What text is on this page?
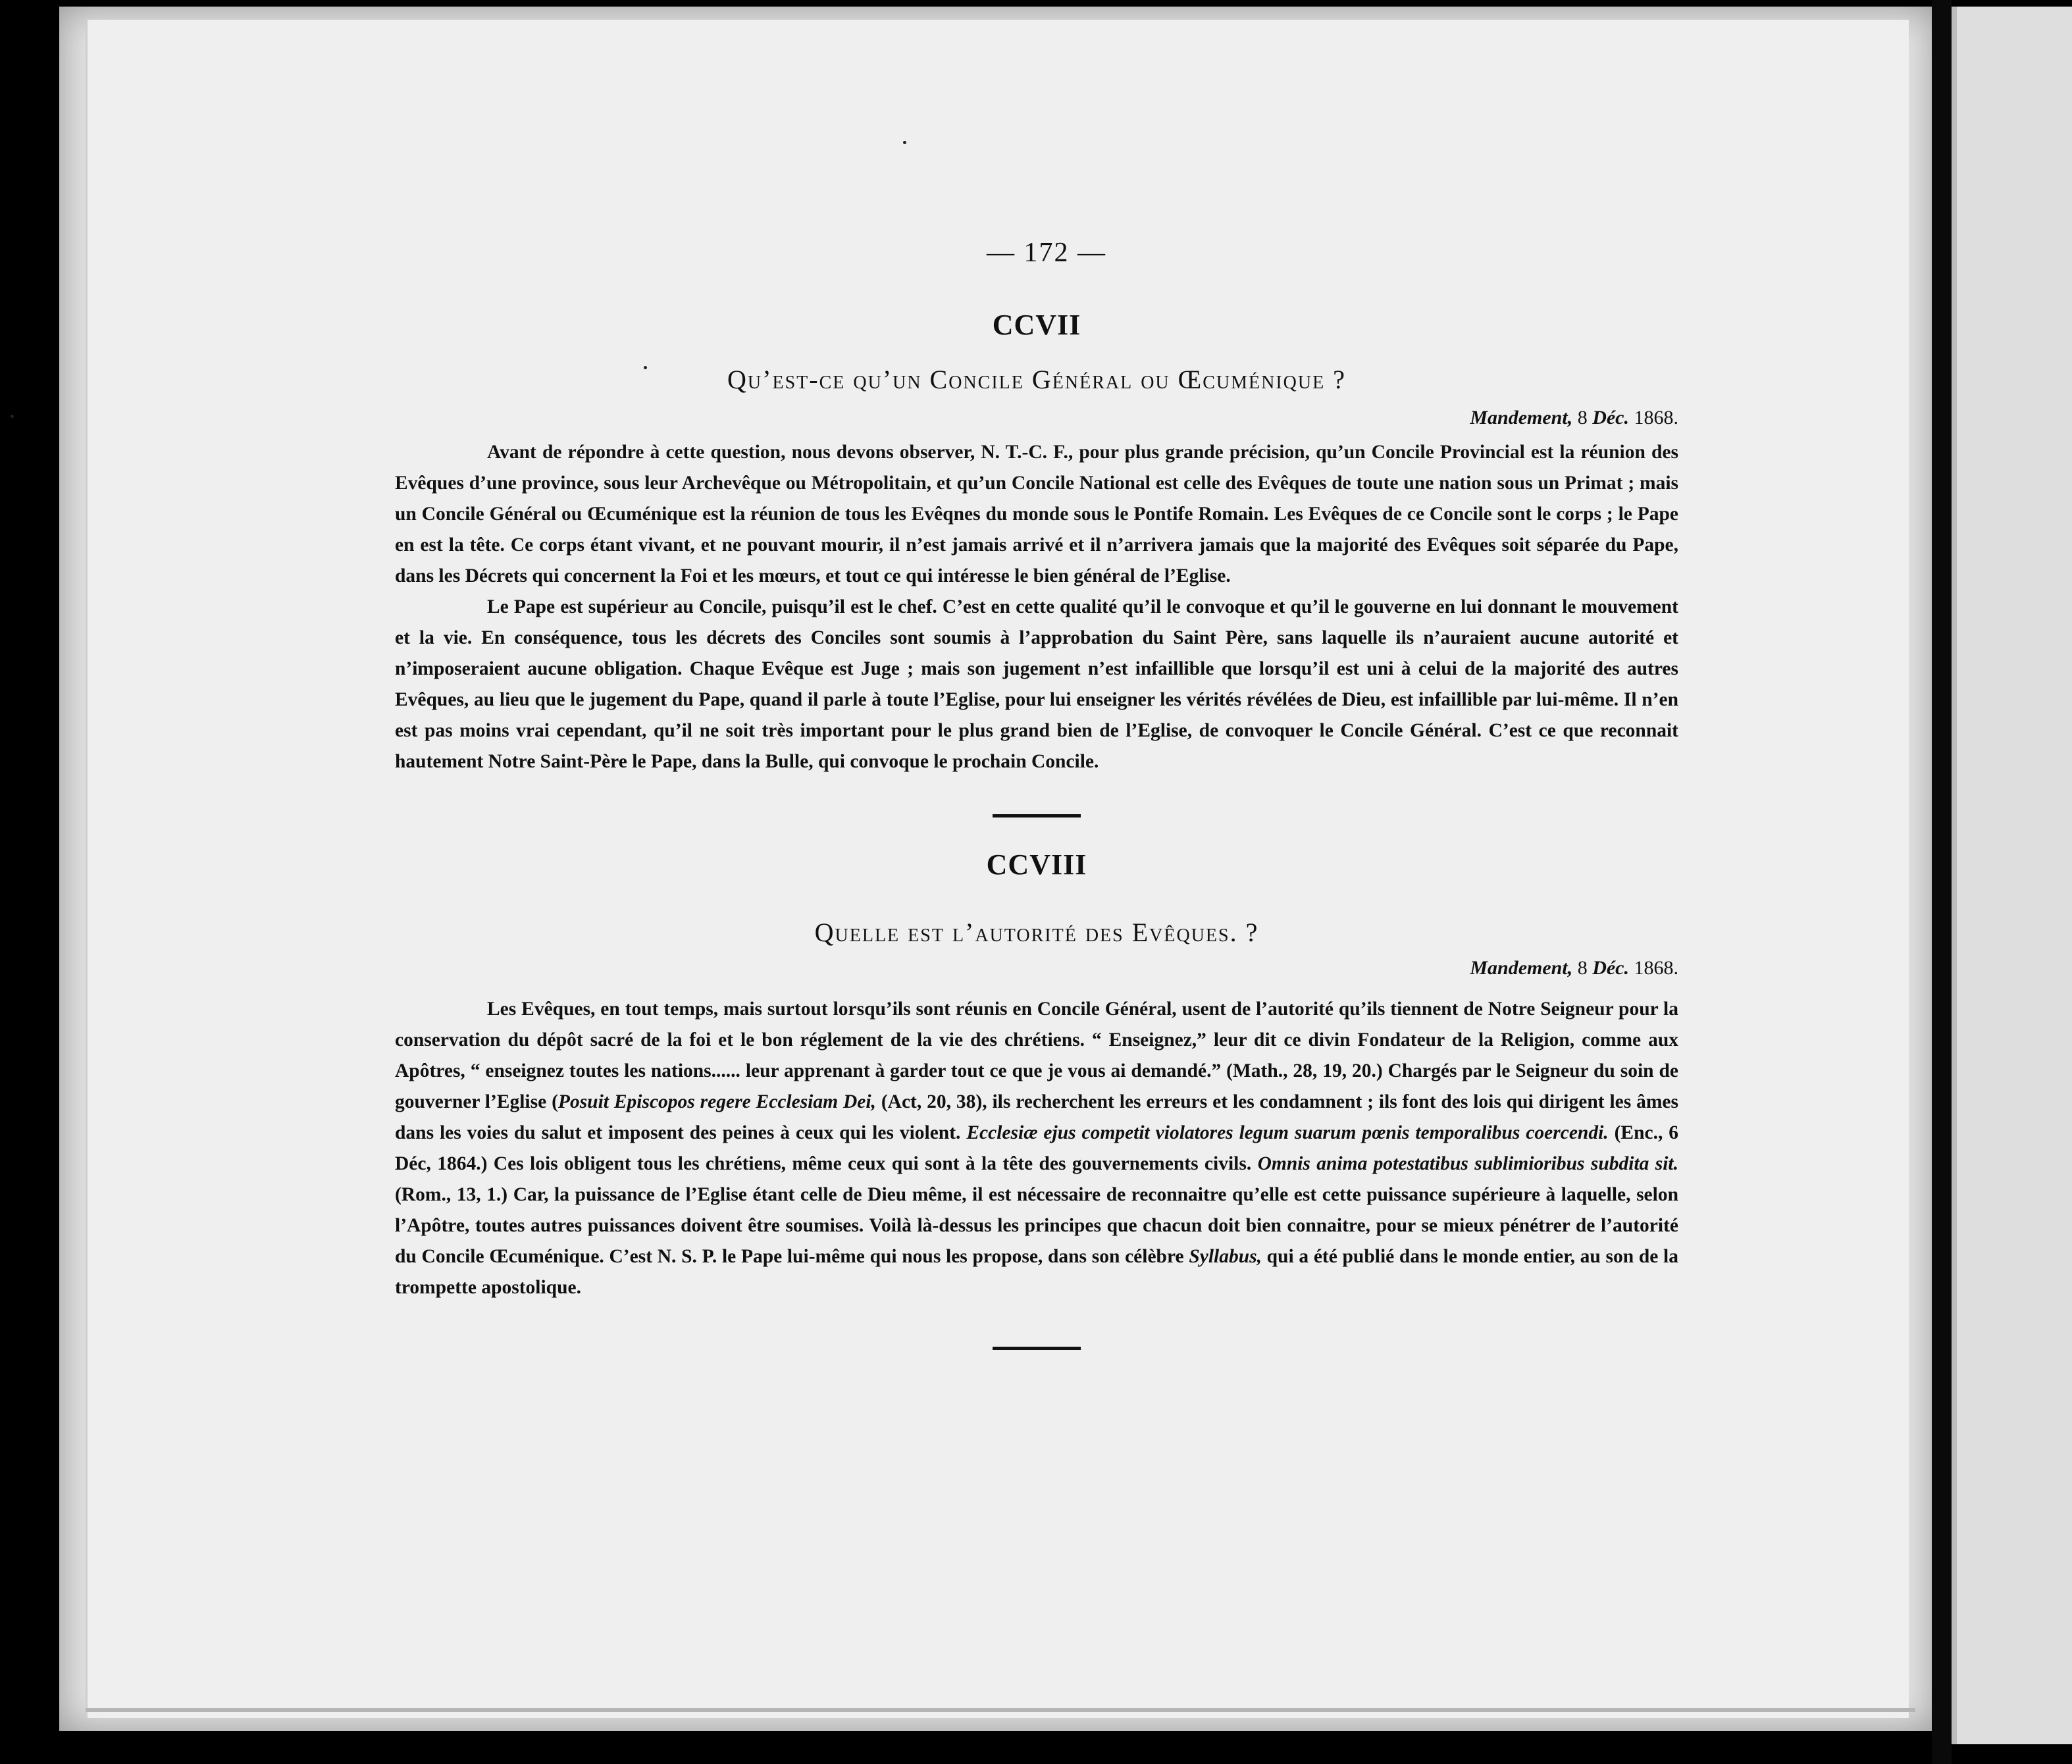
— 172 —
CCVII
Qu’est-ce qu’un Concile Général ou Œcuménique ?
Mandement, 8 Déc. 1868.

Avant de répondre à cette question, nous devons observer, N. T.-C. F., pour plus grande précision, qu’un Concile Provincial est la réunion des Evêques d’une province, sous leur Archevêque ou Métropolitain, et qu’un Concile National est celle des Evêques de toute une nation sous un Primat ; mais un Concile Général ou Œcuménique est la réunion de tous les Evêqnes du monde sous le Pontife Romain. Les Evêques de ce Concile sont le corps ; le Pape en est la tête. Ce corps étant vivant, et ne pouvant mourir, il n’est jamais arrivé et il n’arrivera jamais que la majorité des Evêques soit séparée du Pape, dans les Décrets qui concernent la Foi et les mœurs, et tout ce qui intéresse le bien général de l’Eglise.

Le Pape est supérieur au Concile, puisqu’il est le chef. C’est en cette qualité qu’il le convoque et qu’il le gouverne en lui donnant le mouvement et la vie. En conséquence, tous les décrets des Conciles sont soumis à l’approbation du Saint Père, sans laquelle ils n’auraient aucune autorité et n’imposeraient aucune obligation. Chaque Evêque est Juge ; mais son jugement n’est infaillible que lorsqu’il est uni à celui de la majorité des autres Evêques, au lieu que le jugement du Pape, quand il parle à toute l’Eglise, pour lui enseigner les vérités révélées de Dieu, est infaillible par lui-même. Il n’en est pas moins vrai cependant, qu’il ne soit très important pour le plus grand bien de l’Eglise, de convoquer le Concile Général. C’est ce que reconnait hautement Notre Saint-Père le Pape, dans la Bulle, qui convoque le prochain Concile.

CCVIII
Quelle est l’autorité des Evêques. ?
Mandement, 8 Déc. 1868.

Les Evêques, en tout temps, mais surtout lorsqu’ils sont réunis en Concile Général, usent de l’autorité qu’ils tiennent de Notre Seigneur pour la conservation du dépôt sacré de la foi et le bon réglement de la vie des chrétiens. “ Enseignez,” leur dit ce divin Fondateur de la Religion, comme aux Apôtres, “ enseignez toutes les nations...... leur apprenant à garder tout ce que je vous ai demandé.” (Math., 28, 19, 20.) Chargés par le Seigneur du soin de gouverner l’Eglise (Posuit Episcopos regere Ecclesiam Dei, (Act, 20, 38), ils recherchent les erreurs et les condamnent ; ils font des lois qui dirigent les âmes dans les voies du salut et imposent des peines à ceux qui les violent. Ecclesiæ ejus competit violatores legum suarum pœnis temporalibus coercendi. (Enc., 6 Déc, 1864.) Ces lois obligent tous les chrétiens, même ceux qui sont à la tête des gouvernements civils. Omnis anima potestatibus sublimioribus subdita sit. (Rom., 13, 1.) Car, la puissance de l’Eglise étant celle de Dieu même, il est nécessaire de reconnaitre qu’elle est cette puissance supérieure à laquelle, selon l’Apôtre, toutes autres puissances doivent être soumises. Voilà là-dessus les principes que chacun doit bien connaitre, pour se mieux pénétrer de l’autorité du Concile Œcuménique. C’est N. S. P. le Pape lui-même qui nous les propose, dans son célèbre Syllabus, qui a été publié dans le monde entier, au son de la trompette apostolique.
